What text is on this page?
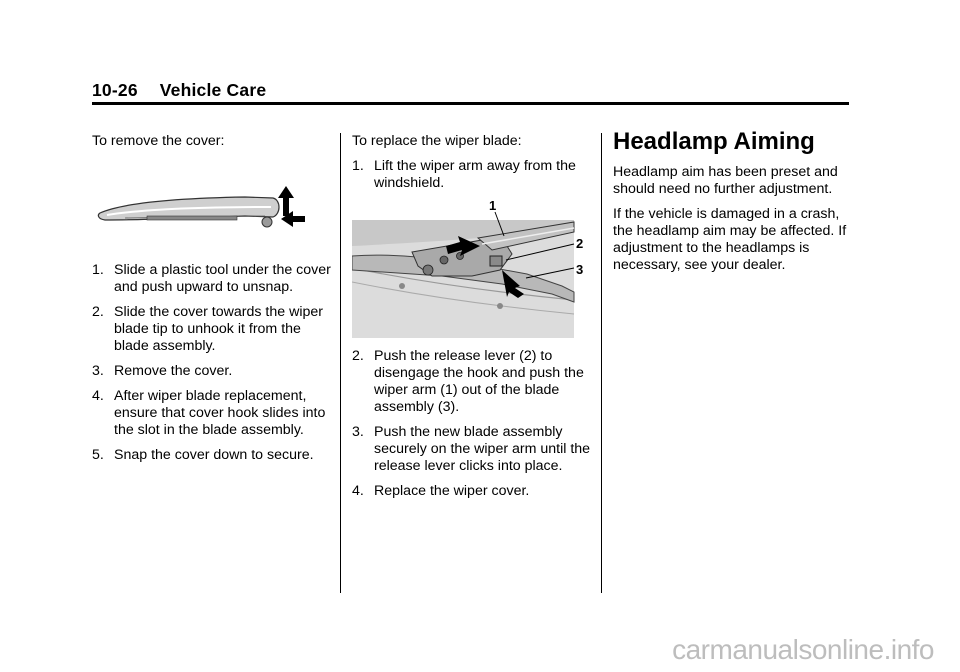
10-26 Vehicle Care

To remove the cover:

1. Slide a plastic tool under the cover and push upward to unsnap.
2. Slide the cover towards the wiper blade tip to unhook it from the blade assembly.
3. Remove the cover.
4. After wiper blade replacement, ensure that cover hook slides into the slot in the blade assembly.
5. Snap the cover down to secure.

To replace the wiper blade:

1. Lift the wiper arm away from the windshield.
2. Push the release lever (2) to disengage the hook and push the wiper arm (1) out of the blade assembly (3).
3. Push the new blade assembly securely on the wiper arm until the release lever clicks into place.
4. Replace the wiper cover.
1
2
3
Headlamp Aiming

Headlamp aim has been preset and should need no further adjustment.

If the vehicle is damaged in a crash, the headlamp aim may be affected. If adjustment to the headlamps is necessary, see your dealer.

carmanualsonline.info
